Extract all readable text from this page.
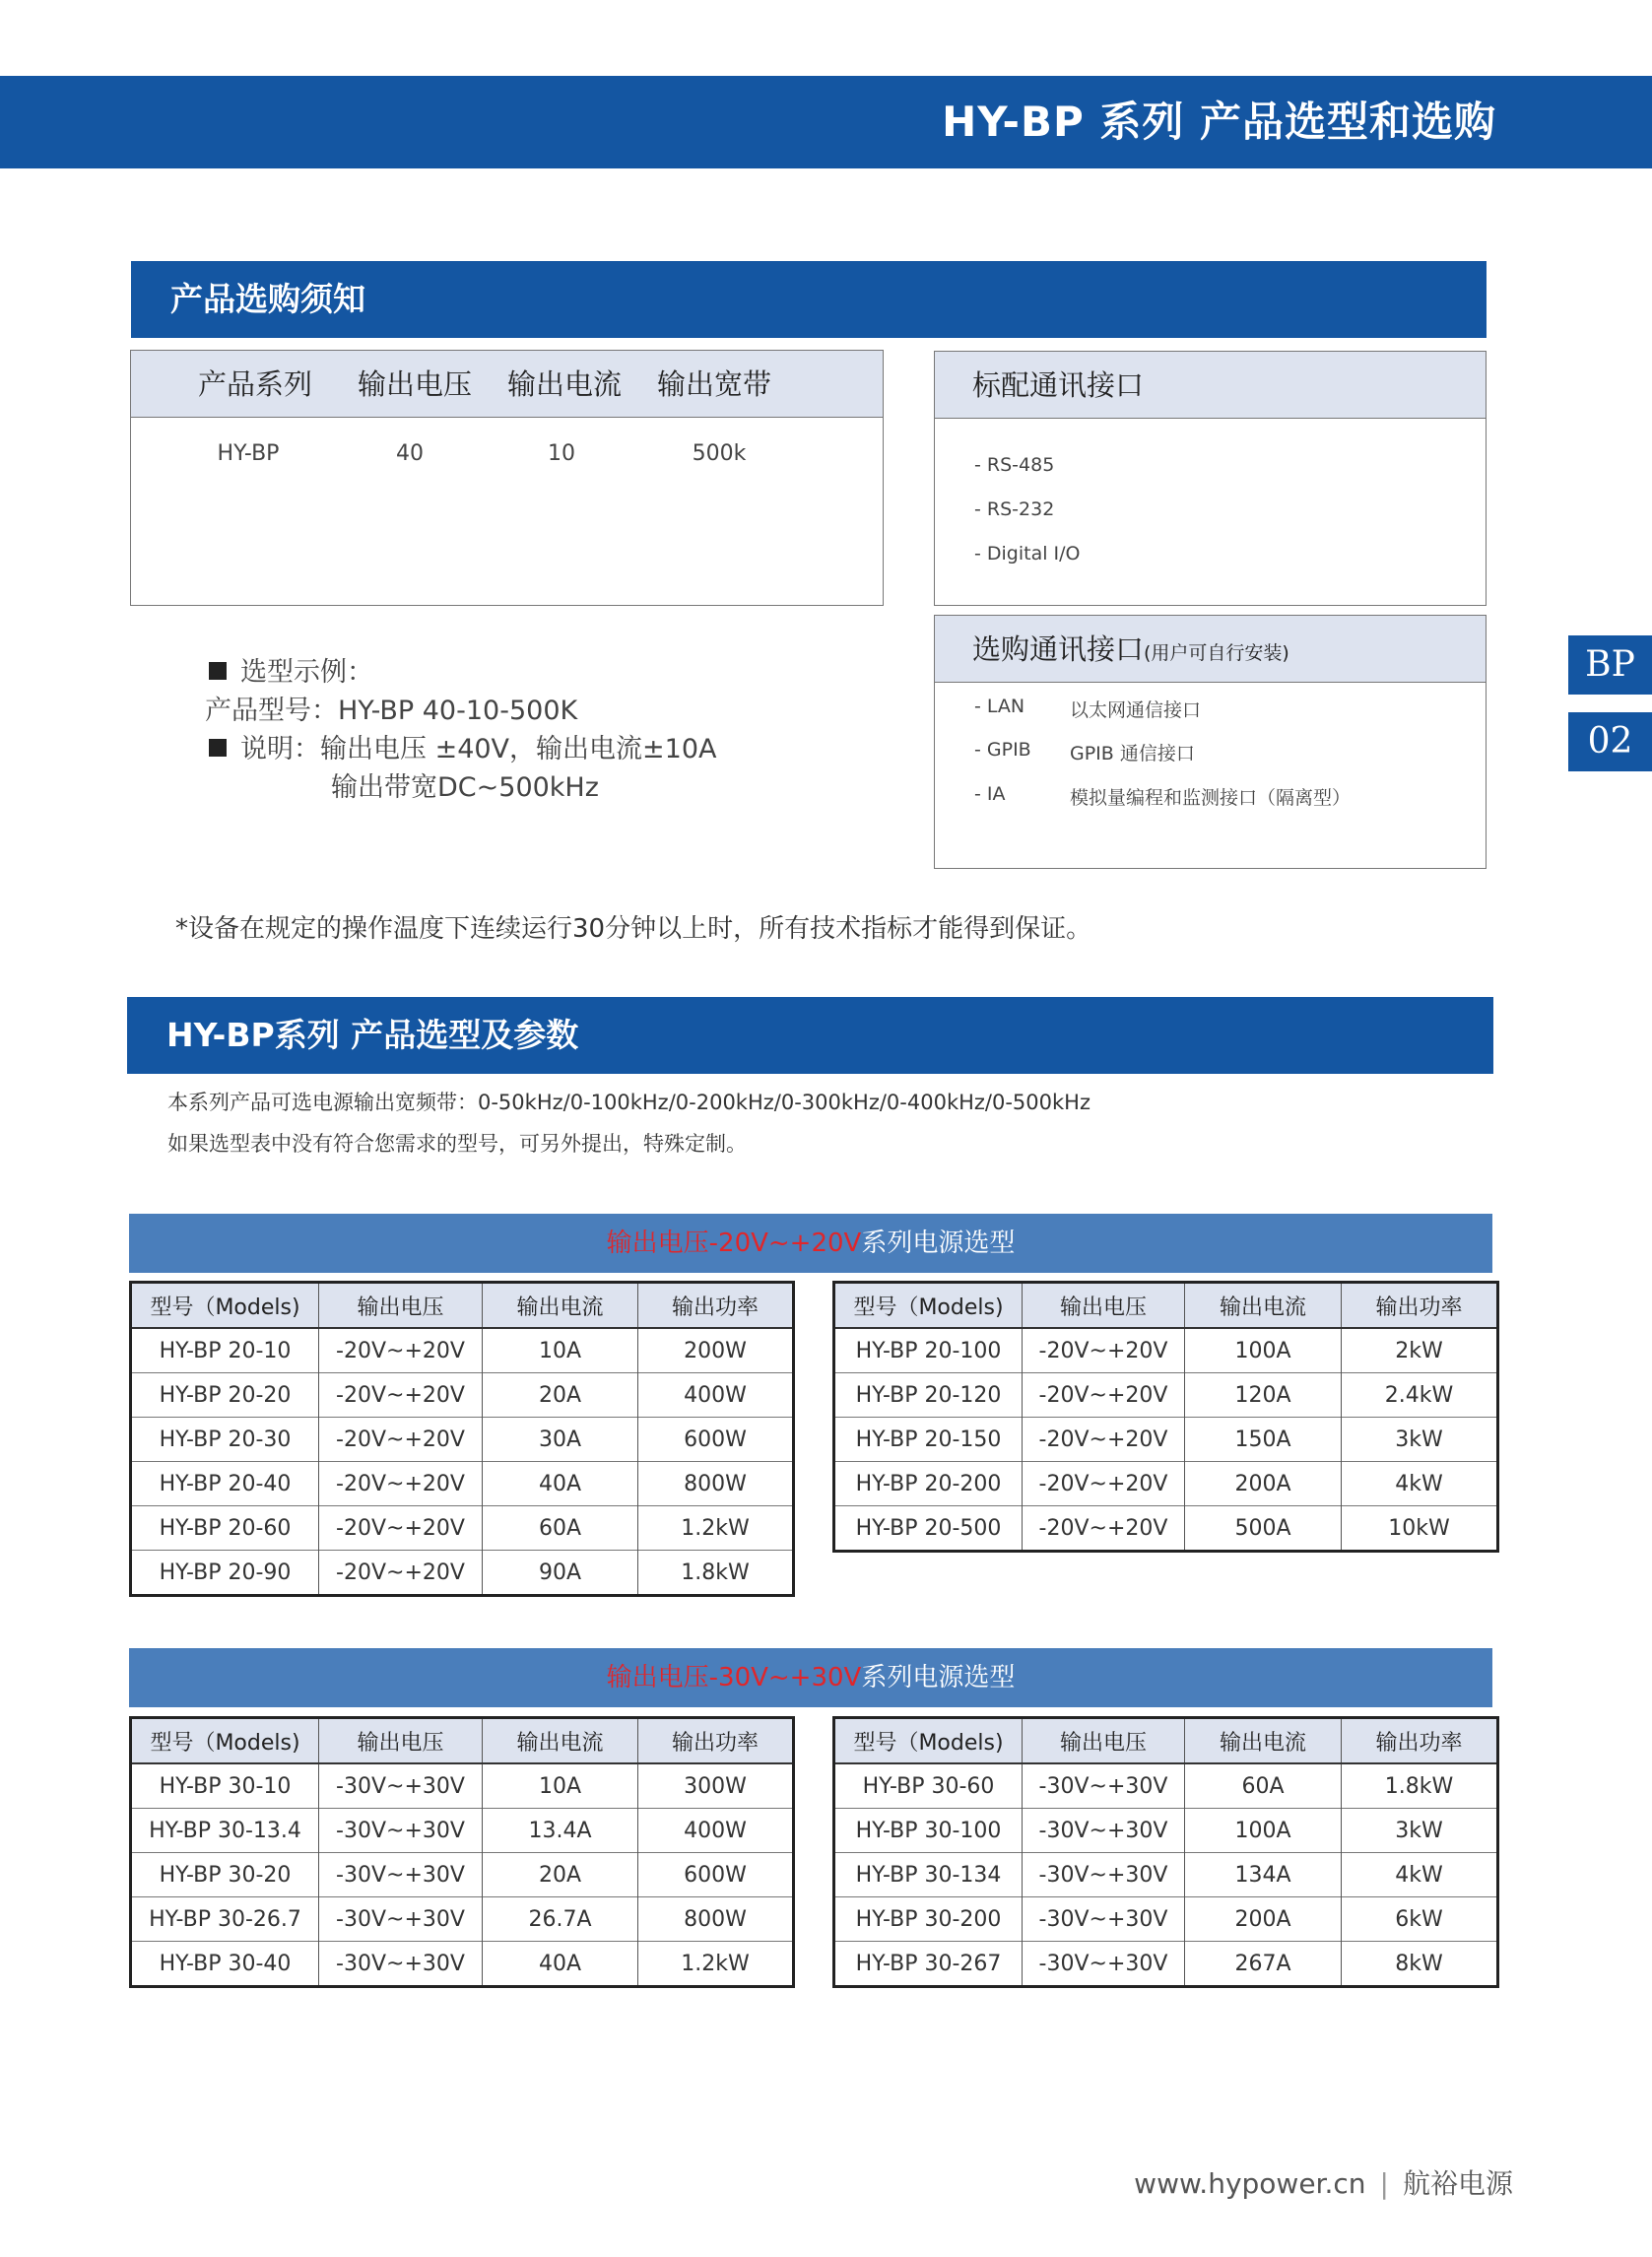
HY-BP 系列 产品选型和选购
BP
02
产品选购须知
产品系列 输出电压 输出电流 输出宽带
HY-BP	40	10	500k
标配通讯接口
- RS-485
- RS-232
- Digital I/O
选购通讯接口(用户可自行安装)
- LAN 以太网通信接口
- GPIB GPIB 通信接口
- IA	模拟量编程和监测接口（隔离型）

选型示例：

产品型号：HY-BP 40-10-500K

说明：输出电压 ±40V，输出电流±10A

输出带宽DC~500kHz

*设备在规定的操作温度下连续运行30分钟以上时，所有技术指标才能得到保证。
HY-BP系列 产品选型及参数
本系列产品可选电源输出宽频带：0-50kHz/0-100kHz/0-200kHz/0-300kHz/0-400kHz/0-500kHz
如果选型表中没有符合您需求的型号，可另外提出，特殊定制。
输出电压-20V~+20V系列电源选型
型号（Models)	输出电压	输出电流	输出功率
HY-BP 20-10	-20V~+20V	10A	200W
HY-BP 20-20	-20V~+20V	20A	400W
HY-BP 20-30	-20V~+20V	30A	600W
HY-BP 20-40	-20V~+20V	40A	800W
HY-BP 20-60	-20V~+20V	60A	1.2kW
HY-BP 20-90	-20V~+20V	90A	1.8kW
型号（Models)	输出电压	输出电流	输出功率
HY-BP 20-100	-20V~+20V	100A	2kW
HY-BP 20-120	-20V~+20V	120A	2.4kW
HY-BP 20-150	-20V~+20V	150A	3kW
HY-BP 20-200	-20V~+20V	200A	4kW
HY-BP 20-500	-20V~+20V	500A	10kW
输出电压-30V~+30V系列电源选型
型号（Models)	输出电压	输出电流	输出功率
HY-BP 30-10	-30V~+30V	10A	300W
HY-BP 30-13.4	-30V~+30V	13.4A	400W
HY-BP 30-20	-30V~+30V	20A	600W
HY-BP 30-26.7	-30V~+30V	26.7A	800W
HY-BP 30-40	-30V~+30V	40A	1.2kW
型号（Models)	输出电压	输出电流	输出功率
HY-BP 30-60	-30V~+30V	60A	1.8kW
HY-BP 30-100	-30V~+30V	100A	3kW
HY-BP 30-134	-30V~+30V	134A	4kW
HY-BP 30-200	-30V~+30V	200A	6kW
HY-BP 30-267	-30V~+30V	267A	8kW
www.hypower.cn | 航裕电源
